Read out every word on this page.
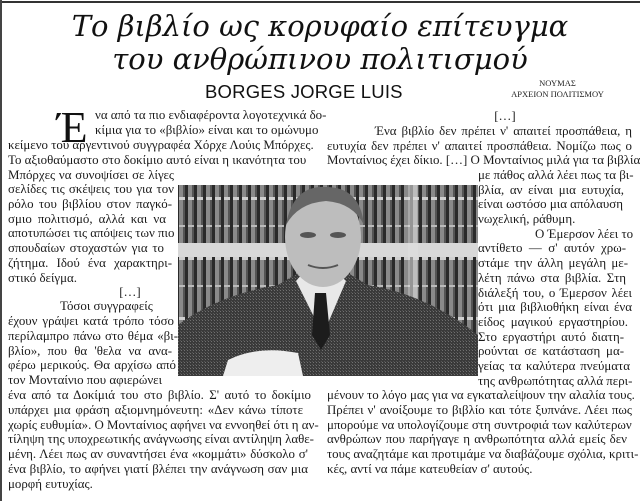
Το βιβλίο ως κορυφαίο επίτευγμα
του ανθρώπινου πολιτισμού
BORGES JORGE LUIS	ΝΟΥΜΑΣ
ΑΡΧΕΙΟΝ ΠΟΛΙΤΙΣΜΟΥ
Έ να από τα πιο ενδιαφέροντα λογοτεχνικά δο-
κίμια για το «βιβλίο» είναι και το ομώνυμο
κείμενο του αργεντινού συγγραφέα Χόρχε Λούις Μπόρχες.
Το αξιοθαύμαστο στο δοκίμιο αυτό είναι η ικανότητα του
Μπόρχες να συνοψίσει σε λίγες
σελίδες τις σκέψεις του για τον
ρόλο του βιβλίου στον παγκό-
σμιο πολιτισμό, αλλά και να
αποτυπώσει τις απόψεις των πιο
σπουδαίων στοχαστών για το
ζήτημα. Ιδού ένα χαρακτηρι-
στικό δείγμα.
[…]
Τόσοι συγγραφείς
έχουν γράψει κατά τρόπο τόσο
περίλαμπρο πάνω στο θέμα «βι-
βλίο», που θα 'θελα να ανα-
φέρω μερικούς. Θα αρχίσω από
τον Μονταίνιο που αφιερώνει
ένα από τα Δοκίμιά του στο βιβλίο. Σ' αυτό το δοκίμιο
υπάρχει μια φράση αξιομνημόνευτη: «Δεν κάνω τίποτε
χωρίς ευθυμία». Ο Μονταίνιος αφήνει να εννοηθεί ότι η αν-
τίληψη της υποχρεωτικής ανάγνωσης είναι αντίληψη λαθε-
μένη. Λέει πως αν συναντήσει ένα «κομμάτι» δύσκολο σ'
ένα βιβλίο, το αφήνει γιατί βλέπει την ανάγνωση σαν μια
μορφή ευτυχίας.
[…]
Ένα βιβλίο δεν πρέπει ν' απαιτεί προσπάθεια, η
ευτυχία δεν πρέπει ν' απαιτεί προσπάθεια. Νομίζω πως ο
Μονταίνιος έχει δίκιο. […] Ο Μονταίνιος μιλά για τα βιβλία
με πάθος αλλά λέει πως τα βι-
βλία, αν είναι μια ευτυχία,
είναι ωστόσο μια απόλαυση
νωχελική, ράθυμη.
Ο Έμερσον λέει το
αντίθετο — σ' αυτόν χρω-
στάμε την άλλη μεγάλη με-
λέτη πάνω στα βιβλία. Στη
διάλεξή του, ο Έμερσον λέει
ότι μια βιβλιοθήκη είναι ένα
είδος μαγικού εργαστηρίου.
Στο εργαστήρι αυτό διατη-
ρούνται σε κατάσταση μα-
γείας τα καλύτερα πνεύματα
της ανθρωπότητας αλλά περι-
μένουν το λόγο μας για να εγκαταλείψουν την αλαλία τους.
Πρέπει ν' ανοίξουμε το βιβλίο και τότε ξυπνάνε. Λέει πως
μπορούμε να υπολογίζουμε στη συντροφιά των καλύτερων
ανθρώπων που παρήγαγε η ανθρωπότητα αλλά εμείς δεν
τους αναζητάμε και προτιμάμε να διαβάζουμε σχόλια, κριτι-
κές, αντί να πάμε κατευθείαν σ' αυτούς.
